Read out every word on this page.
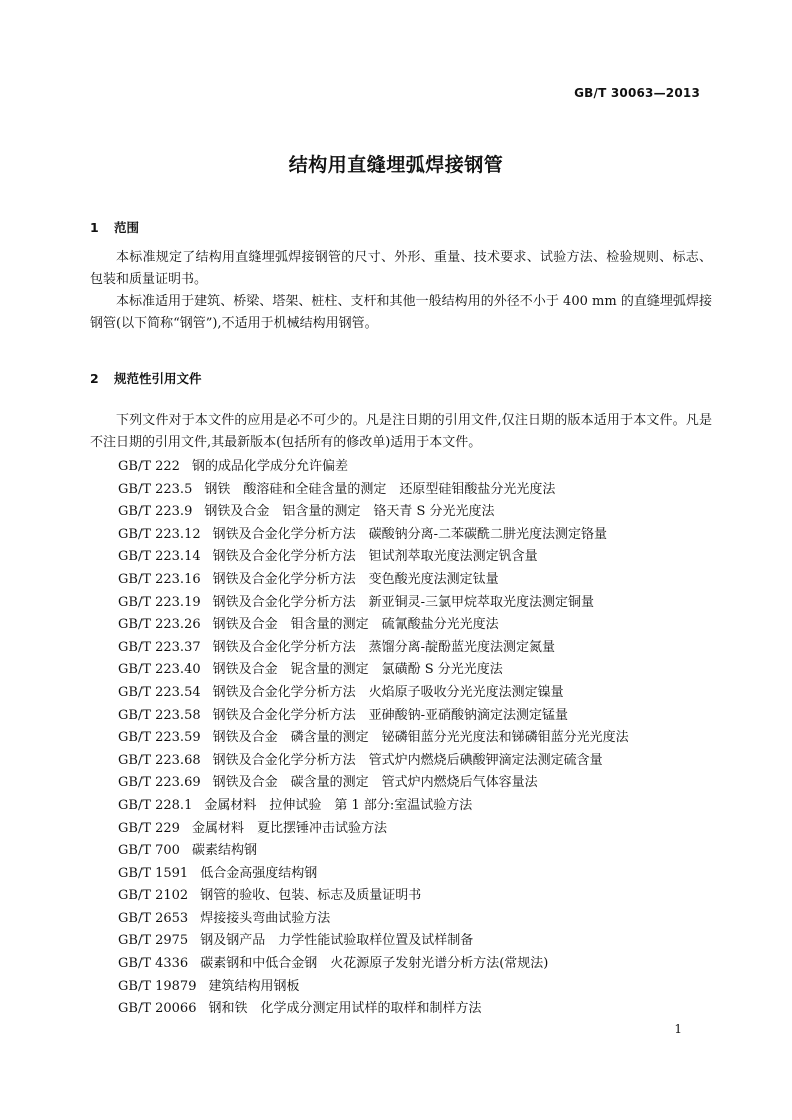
GB/T 30063—2013
结构用直缝埋弧焊接钢管
1 范围

本标准规定了结构用直缝埋弧焊接钢管的尺寸、外形、重量、技术要求、试验方法、检验规则、标志、包装和质量证明书。

本标准适用于建筑、桥梁、塔架、桩柱、支杆和其他一般结构用的外径不小于 400 mm 的直缝埋弧焊接钢管(以下简称“钢管”),不适用于机械结构用钢管。

2 规范性引用文件

下列文件对于本文件的应用是必不可少的。凡是注日期的引用文件,仅注日期的版本适用于本文件。凡是不注日期的引用文件,其最新版本(包括所有的修改单)适用于本文件。

GB/T 222 钢的成品化学成分允许偏差
GB/T 223.5 钢铁　酸溶硅和全硅含量的测定　还原型硅钼酸盐分光光度法
GB/T 223.9 钢铁及合金　铝含量的测定　铬天青 S 分光光度法
GB/T 223.12 钢铁及合金化学分析方法　碳酸钠分离-二苯碳酰二肼光度法测定铬量
GB/T 223.14 钢铁及合金化学分析方法　钽试剂萃取光度法测定钒含量
GB/T 223.16 钢铁及合金化学分析方法　变色酸光度法测定钛量
GB/T 223.19 钢铁及合金化学分析方法　新亚铜灵-三氯甲烷萃取光度法测定铜量
GB/T 223.26 钢铁及合金　钼含量的测定　硫氰酸盐分光光度法
GB/T 223.37 钢铁及合金化学分析方法　蒸馏分离-靛酚蓝光度法测定氮量
GB/T 223.40 钢铁及合金　铌含量的测定　氯磺酚 S 分光光度法
GB/T 223.54 钢铁及合金化学分析方法　火焰原子吸收分光光度法测定镍量
GB/T 223.58 钢铁及合金化学分析方法　亚砷酸钠-亚硝酸钠滴定法测定锰量
GB/T 223.59 钢铁及合金　磷含量的测定　铋磷钼蓝分光光度法和锑磷钼蓝分光光度法
GB/T 223.68 钢铁及合金化学分析方法　管式炉内燃烧后碘酸钾滴定法测定硫含量
GB/T 223.69 钢铁及合金　碳含量的测定　管式炉内燃烧后气体容量法
GB/T 228.1 金属材料　拉伸试验　第 1 部分:室温试验方法
GB/T 229 金属材料　夏比摆锤冲击试验方法
GB/T 700 碳素结构钢
GB/T 1591 低合金高强度结构钢
GB/T 2102 钢管的验收、包装、标志及质量证明书
GB/T 2653 焊接接头弯曲试验方法
GB/T 2975 钢及钢产品　力学性能试验取样位置及试样制备
GB/T 4336 碳素钢和中低合金钢　火花源原子发射光谱分析方法(常规法)
GB/T 19879 建筑结构用钢板
GB/T 20066 钢和铁　化学成分测定用试样的取样和制样方法
1
